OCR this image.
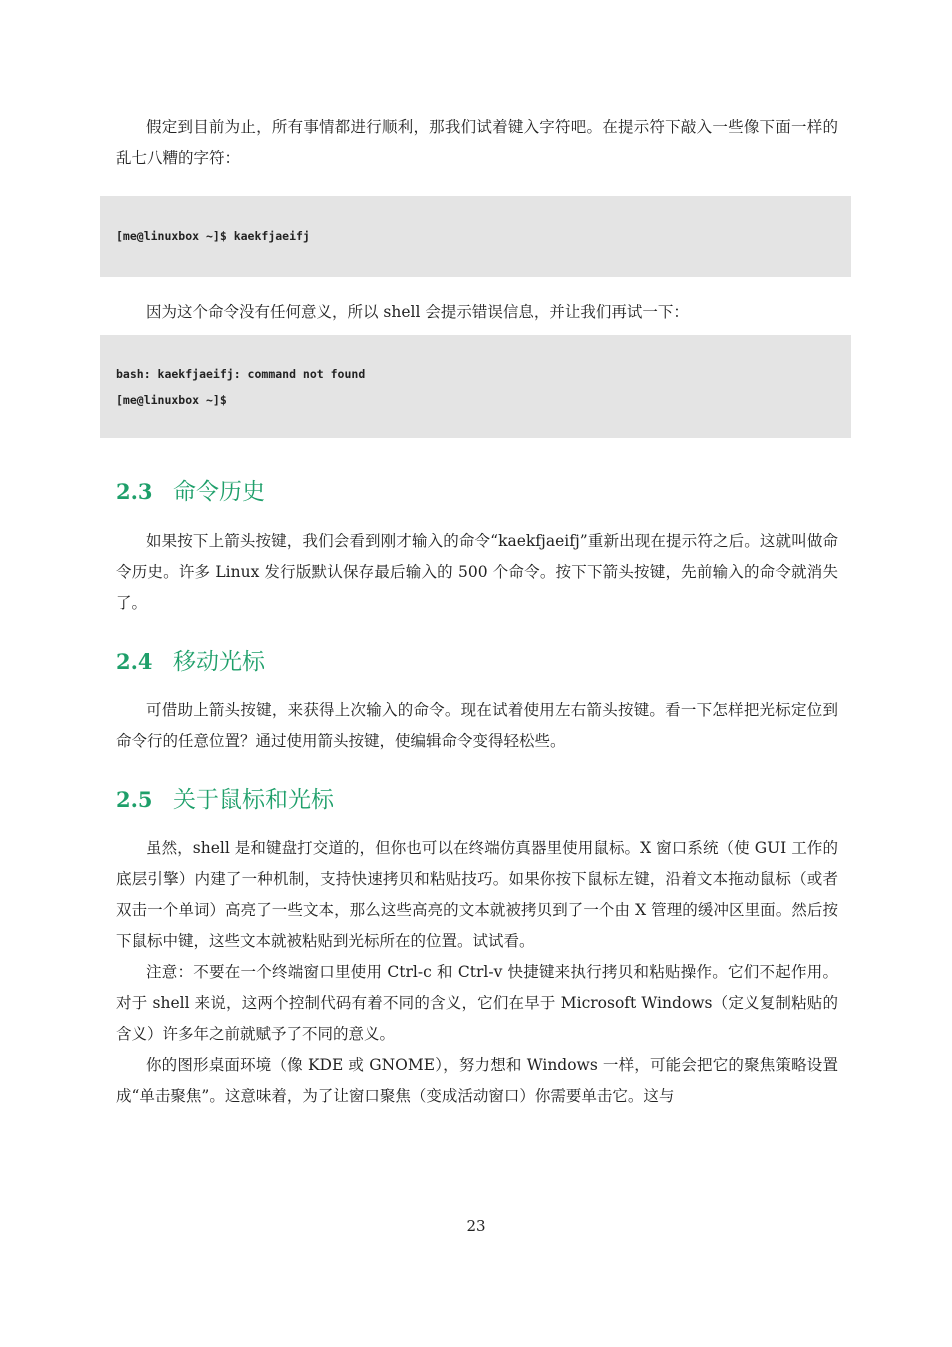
假定到目前为止，所有事情都进行顺利，那我们试着键入字符吧。在提示符下敲入一些像下面一样的乱七八糟的字符：

[me@linuxbox ~]$ kaekfjaeifj

因为这个命令没有任何意义，所以 shell 会提示错误信息，并让我们再试一下：

bash: kaekfjaeifj: command not found
[me@linuxbox ~]$
2.3 命令历史

如果按下上箭头按键，我们会看到刚才输入的命令“kaekfjaeifj”重新出现在提示符之后。这就叫做命令历史。许多 Linux 发行版默认保存最后输入的 500 个命令。按下下箭头按键，先前输入的命令就消失了。

2.4 移动光标

可借助上箭头按键，来获得上次输入的命令。现在试着使用左右箭头按键。看一下怎样把光标定位到命令行的任意位置？通过使用箭头按键，使编辑命令变得轻松些。

2.5 关于鼠标和光标

虽然，shell 是和键盘打交道的，但你也可以在终端仿真器里使用鼠标。X 窗口系统（使 GUI 工作的底层引擎）内建了一种机制，支持快速拷贝和粘贴技巧。如果你按下鼠标左键，沿着文本拖动鼠标（或者双击一个单词）高亮了一些文本，那么这些高亮的文本就被拷贝到了一个由 X 管理的缓冲区里面。然后按下鼠标中键，这些文本就被粘贴到光标所在的位置。试试看。

注意：不要在一个终端窗口里使用 Ctrl-c 和 Ctrl-v 快捷键来执行拷贝和粘贴操作。它们不起作用。对于 shell 来说，这两个控制代码有着不同的含义，它们在早于 Microsoft Windows（定义复制粘贴的含义）许多年之前就赋予了不同的意义。

你的图形桌面环境（像 KDE 或 GNOME），努力想和 Windows 一样，可能会把它的聚焦策略设置成“单击聚焦”。这意味着，为了让窗口聚焦（变成活动窗口）你需要单击它。这与

23
